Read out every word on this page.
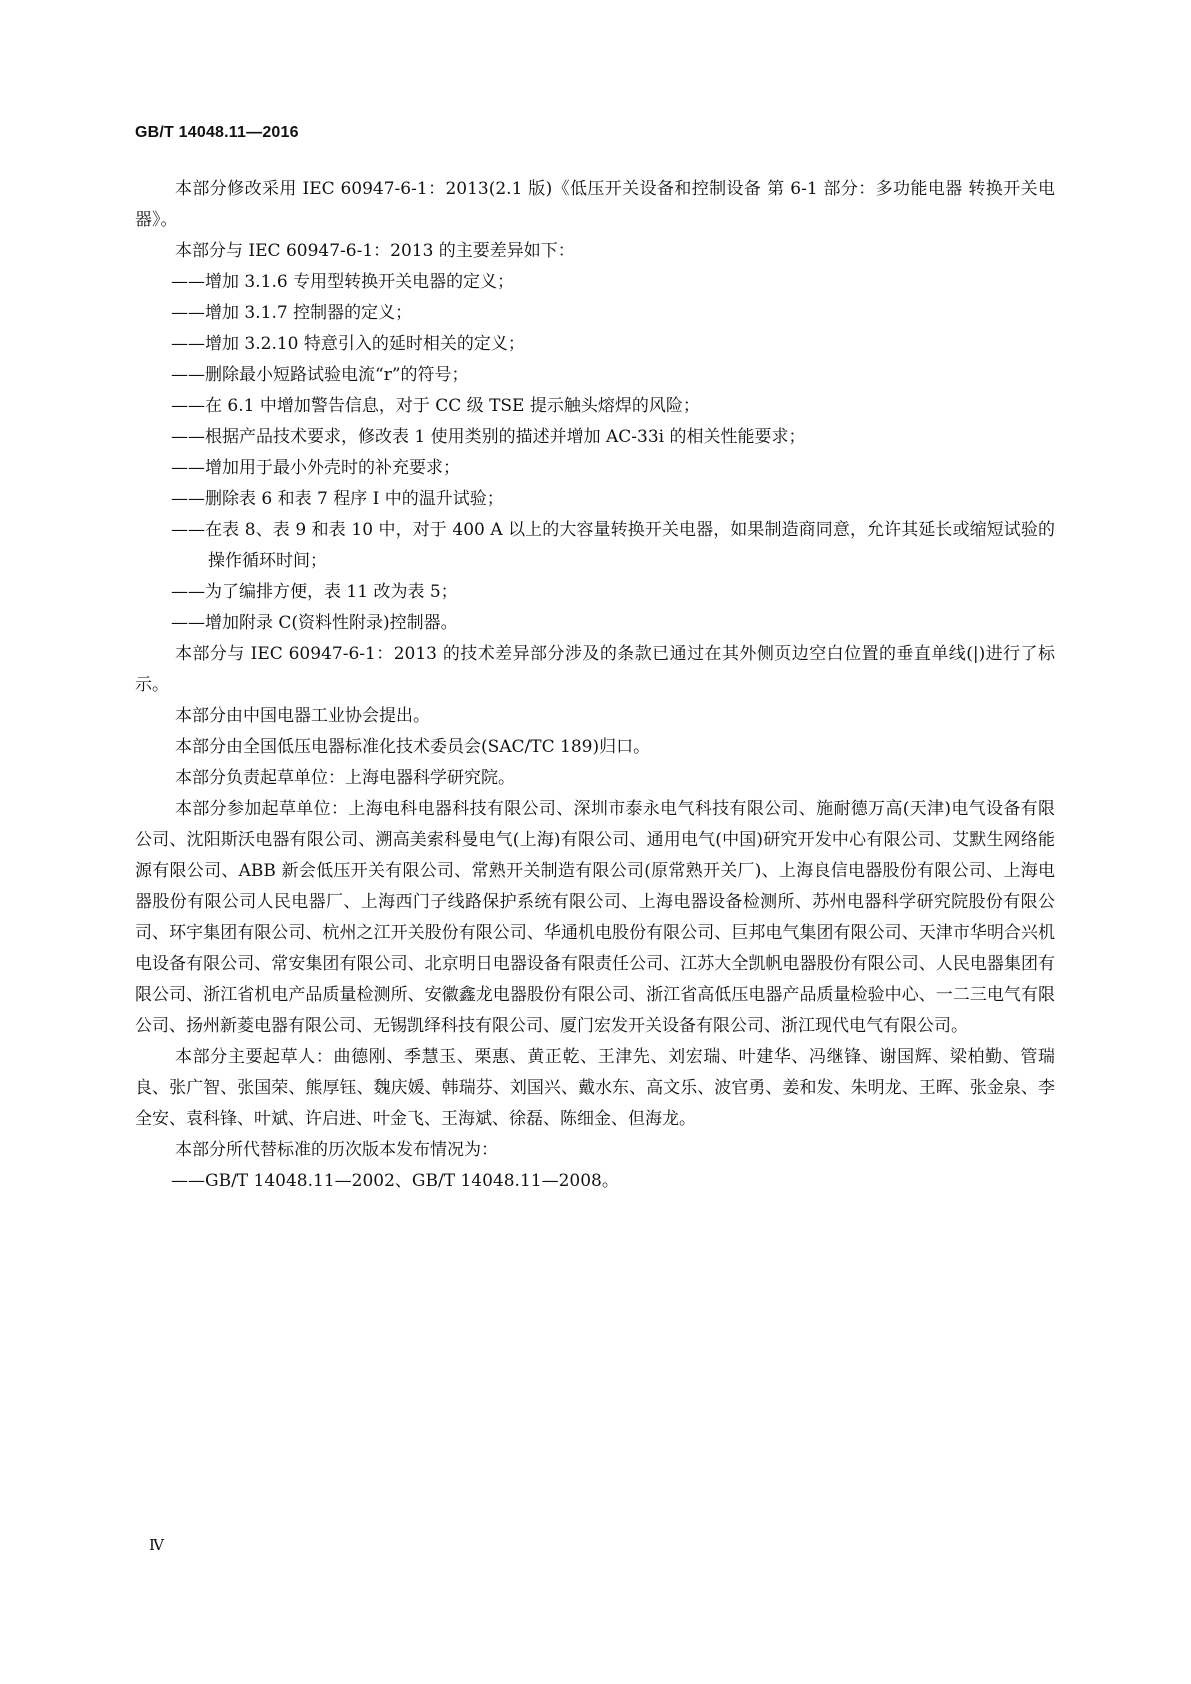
GB/T 14048.11—2016

本部分修改采用 IEC 60947-6-1：2013(2.1 版)《低压开关设备和控制设备 第 6-1 部分：多功能电器 转换开关电器》。

本部分与 IEC 60947-6-1：2013 的主要差异如下：

——增加 3.1.6 专用型转换开关电器的定义；

——增加 3.1.7 控制器的定义；

——增加 3.2.10 特意引入的延时相关的定义；

——删除最小短路试验电流“r”的符号；

——在 6.1 中增加警告信息，对于 CC 级 TSE 提示触头熔焊的风险；

——根据产品技术要求，修改表 1 使用类别的描述并增加 AC-33i 的相关性能要求；

——增加用于最小外壳时的补充要求；

——删除表 6 和表 7 程序 I 中的温升试验；

——在表 8、表 9 和表 10 中，对于 400 A 以上的大容量转换开关电器，如果制造商同意，允许其延长或缩短试验的操作循环时间；

——为了编排方便，表 11 改为表 5；

——增加附录 C(资料性附录)控制器。

本部分与 IEC 60947-6-1：2013 的技术差异部分涉及的条款已通过在其外侧页边空白位置的垂直单线(|)进行了标示。

本部分由中国电器工业协会提出。

本部分由全国低压电器标准化技术委员会(SAC/TC 189)归口。

本部分负责起草单位：上海电器科学研究院。

本部分参加起草单位：上海电科电器科技有限公司、深圳市泰永电气科技有限公司、施耐德万高(天津)电气设备有限公司、沈阳斯沃电器有限公司、溯高美索科曼电气(上海)有限公司、通用电气(中国)研究开发中心有限公司、艾默生网络能源有限公司、ABB 新会低压开关有限公司、常熟开关制造有限公司(原常熟开关厂)、上海良信电器股份有限公司、上海电器股份有限公司人民电器厂、上海西门子线路保护系统有限公司、上海电器设备检测所、苏州电器科学研究院股份有限公司、环宇集团有限公司、杭州之江开关股份有限公司、华通机电股份有限公司、巨邦电气集团有限公司、天津市华明合兴机电设备有限公司、常安集团有限公司、北京明日电器设备有限责任公司、江苏大全凯帆电器股份有限公司、人民电器集团有限公司、浙江省机电产品质量检测所、安徽鑫龙电器股份有限公司、浙江省高低压电器产品质量检验中心、一二三电气有限公司、扬州新菱电器有限公司、无锡凯绎科技有限公司、厦门宏发开关设备有限公司、浙江现代电气有限公司。

本部分主要起草人：曲德刚、季慧玉、栗惠、黄正乾、王津先、刘宏瑞、叶建华、冯继锋、谢国辉、梁柏勤、管瑞良、张广智、张国荣、熊厚钰、魏庆媛、韩瑞芬、刘国兴、戴水东、高文乐、波官勇、姜和发、朱明龙、王晖、张金泉、李全安、袁科锋、叶斌、许启进、叶金飞、王海斌、徐磊、陈细金、但海龙。

本部分所代替标准的历次版本发布情况为：

——GB/T 14048.11—2002、GB/T 14048.11—2008。

Ⅳ
